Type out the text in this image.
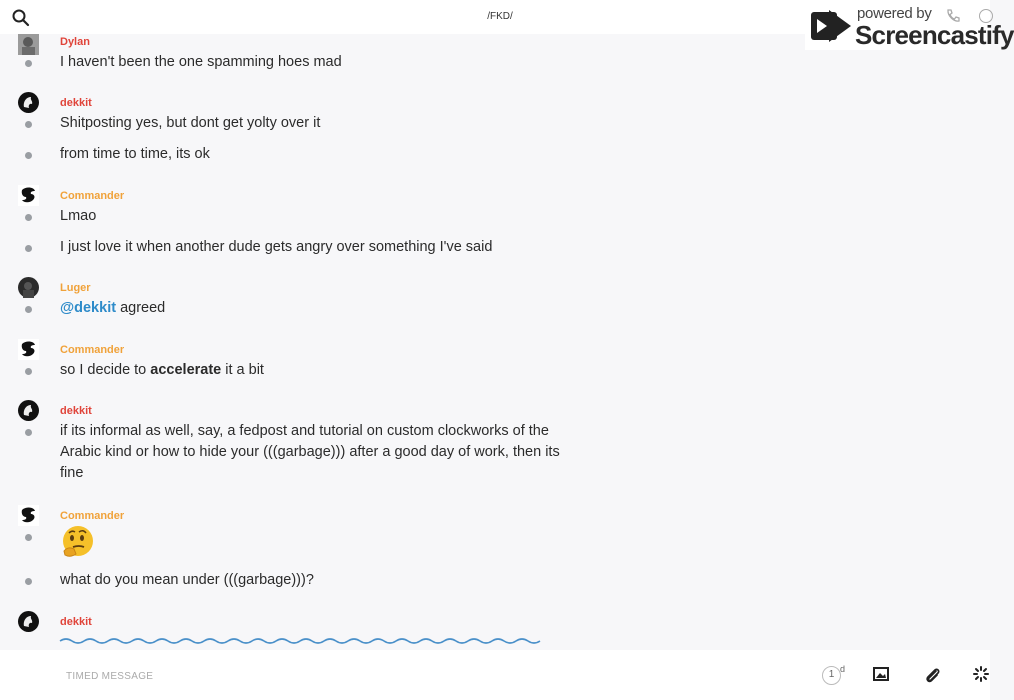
/FKD/	powered by
Screencastify
Dylan
I haven't been the one spamming hoes mad
dekkit
Shitposting yes, but dont get yolty over it
from time to time, its ok
Commander
Lmao
I just love it when another dude gets angry over something I've said
Luger
@dekkit agreed
Commander
so I decide to accelerate it a bit
dekkit
if its informal as well, say, a fedpost and tutorial on custom clockworks of the
Arabic kind or how to hide your (((garbage))) after a good day of work, then its
fine
Commander
what do you mean under (((garbage)))?
dekkit
TIMED MESSAGE
1 d
